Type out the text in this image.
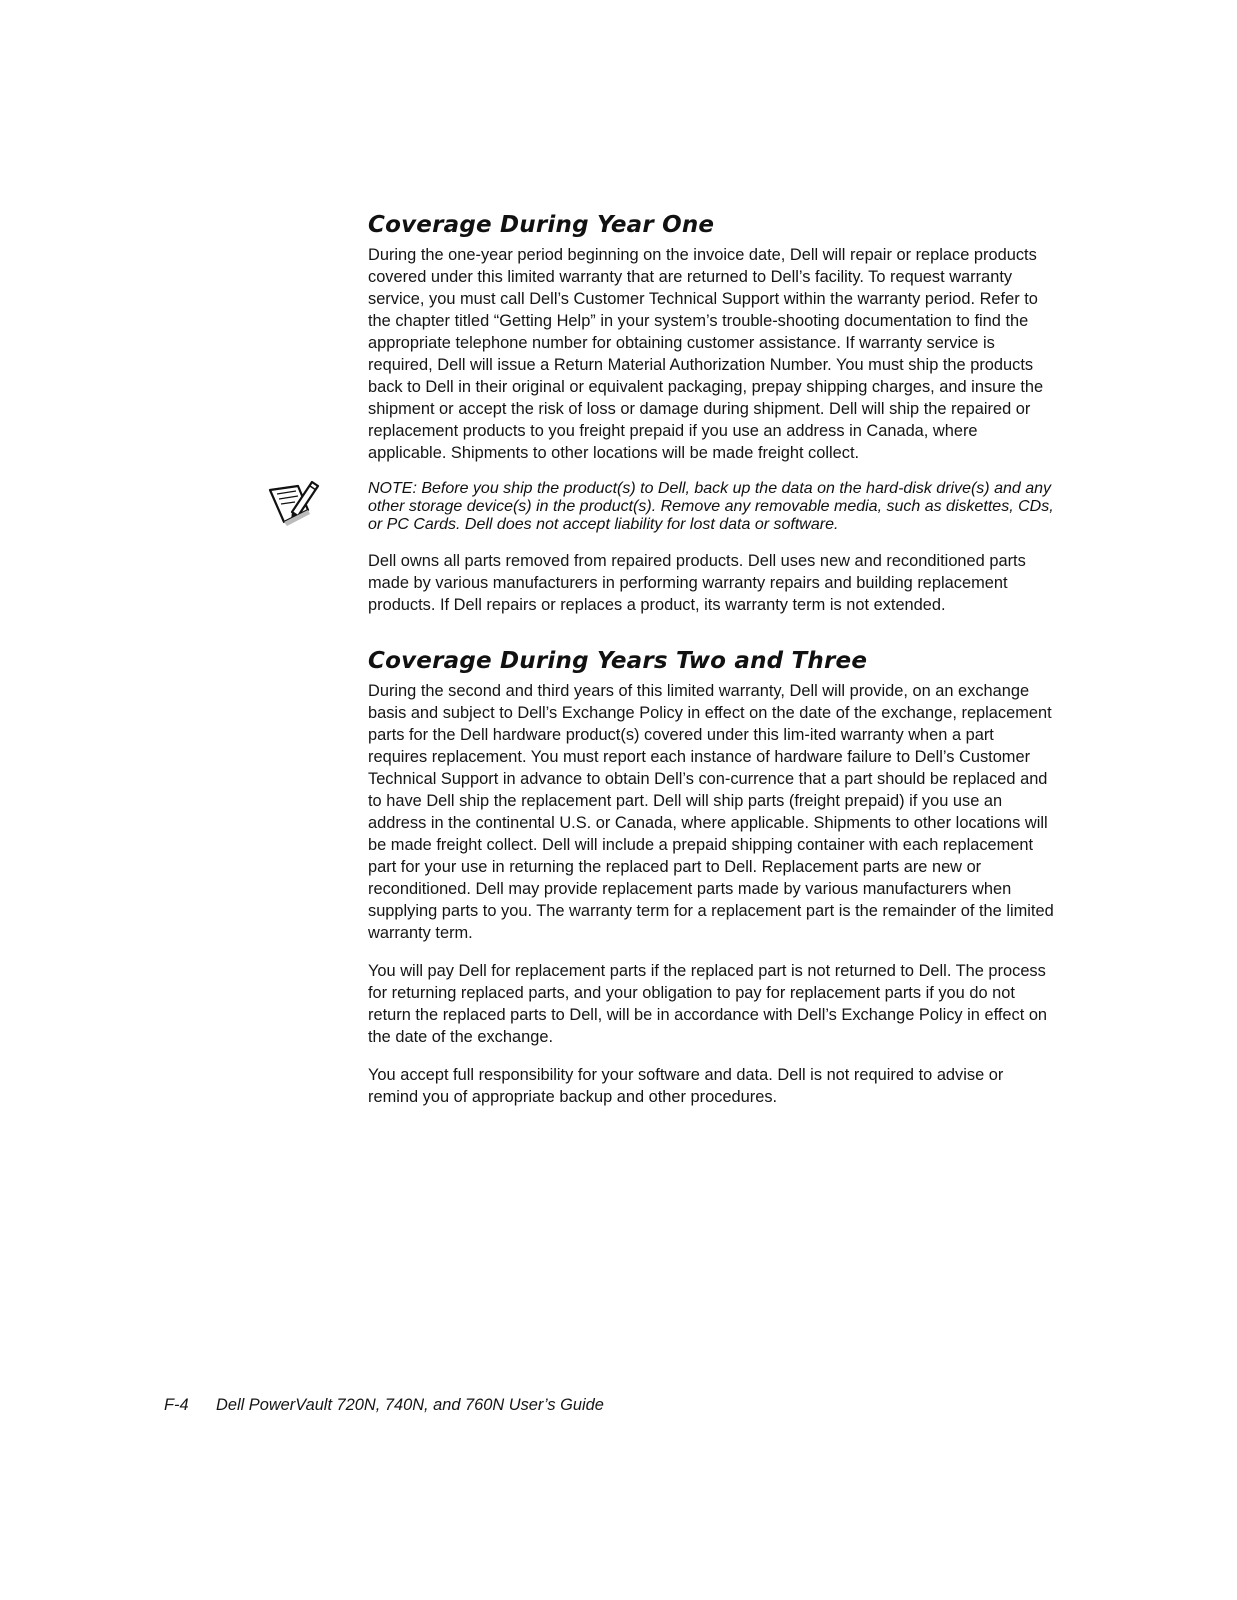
Coverage During Year One

During the one-year period beginning on the invoice date, Dell will repair or replace products covered under this limited warranty that are returned to Dell’s facility. To request warranty service, you must call Dell’s Customer Technical Support within the warranty period. Refer to the chapter titled “Getting Help” in your system’s trouble-shooting documentation to find the appropriate telephone number for obtaining customer assistance. If warranty service is required, Dell will issue a Return Material Authorization Number. You must ship the products back to Dell in their original or equivalent packaging, prepay shipping charges, and insure the shipment or accept the risk of loss or damage during shipment. Dell will ship the repaired or replacement products to you freight prepaid if you use an address in Canada, where applicable. Shipments to other locations will be made freight collect.

NOTE: Before you ship the product(s) to Dell, back up the data on the hard-disk drive(s) and any other storage device(s) in the product(s). Remove any removable media, such as diskettes, CDs, or PC Cards. Dell does not accept liability for lost data or software.

Dell owns all parts removed from repaired products. Dell uses new and reconditioned parts made by various manufacturers in performing warranty repairs and building replacement products. If Dell repairs or replaces a product, its warranty term is not extended.

Coverage During Years Two and Three

During the second and third years of this limited warranty, Dell will provide, on an exchange basis and subject to Dell’s Exchange Policy in effect on the date of the exchange, replacement parts for the Dell hardware product(s) covered under this lim-ited warranty when a part requires replacement. You must report each instance of hardware failure to Dell’s Customer Technical Support in advance to obtain Dell’s con-currence that a part should be replaced and to have Dell ship the replacement part. Dell will ship parts (freight prepaid) if you use an address in the continental U.S. or Canada, where applicable. Shipments to other locations will be made freight collect. Dell will include a prepaid shipping container with each replacement part for your use in returning the replaced part to Dell. Replacement parts are new or reconditioned. Dell may provide replacement parts made by various manufacturers when supplying parts to you. The warranty term for a replacement part is the remainder of the limited warranty term.

You will pay Dell for replacement parts if the replaced part is not returned to Dell. The process for returning replaced parts, and your obligation to pay for replacement parts if you do not return the replaced parts to Dell, will be in accordance with Dell’s Exchange Policy in effect on the date of the exchange.

You accept full responsibility for your software and data. Dell is not required to advise or remind you of appropriate backup and other procedures.

F-4 Dell PowerVault 720N, 740N, and 760N User’s Guide
